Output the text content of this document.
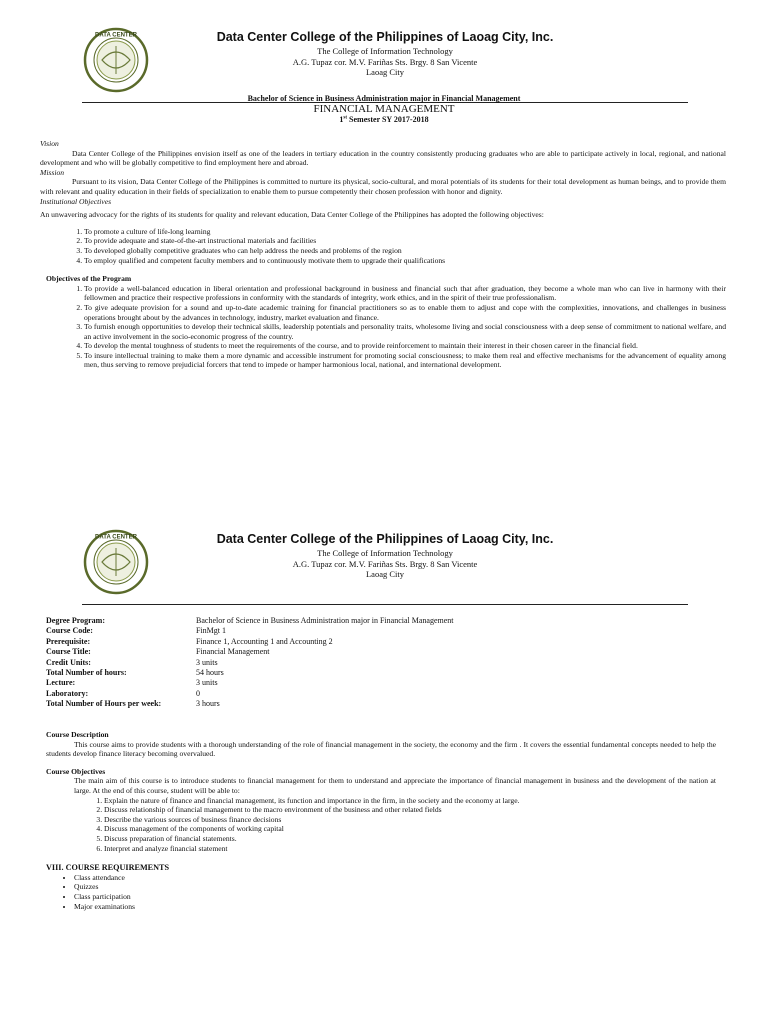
DATA CENTER	Data Center College of the Philippines of Laoag City, Inc.
The College of Information Technology
A.G. Tupaz cor. M.V. Fariñas Sts. Brgy. 8 San Vicente
Laoag City
Bachelor of Science in Business Administration major in Financial Management
FINANCIAL MANAGEMENT
1st Semester SY 2017-2018
Vision
Data Center College of the Philippines envision itself as one of the leaders in tertiary education in the country consistently producing graduates who are able to participate actively in local, regional, and national development and who will be globally competitive to find employment here and abroad.
Mission
Pursuant to its vision, Data Center College of the Philippines is committed to nurture its physical, socio-cultural, and moral potentials of its students for their total development as human beings, and to provide them with relevant and quality education in their fields of specialization to enable them to pursue competently their chosen profession with honor and dignity.
Institutional Objectives
An unwavering advocacy for the rights of its students for quality and relevant education, Data Center College of the Philippines has adopted the following objectives:
1. To promote a culture of life-long learning
2. To provide adequate and state-of-the-art instructional materials and facilities
3. To developed globally competitive graduates who can help address the needs and problems of the region
4. To employ qualified and competent faculty members and to continuously motivate them to upgrade their qualifications
Objectives of the Program
1. To provide a well-balanced education in liberal orientation and professional background in business and financial such that after graduation, they become a whole man who can live in harmony with their fellowmen and practice their respective professions in conformity with the standards of integrity, work ethics, and in the spirit of their true professionalism.
2. To give adequate provision for a sound and up-to-date academic training for financial practitioners so as to enable them to adjust and cope with the complexities, innovations, and challenges in business operations brought about by the advances in technology, industry, market evaluation and finance.
3. To furnish enough opportunities to develop their technical skills, leadership potentials and personality traits, wholesome living and social consciousness with a deep sense of commitment to national welfare, and an active involvement in the socio-economic progress of the country.
4. To develop the mental toughness of students to meet the requirements of the course, and to provide reinforcement to maintain their interest in their chosen career in the financial field.
5. To insure intellectual training to make them a more dynamic and accessible instrument for promoting social consciousness; to make them real and effective mechanisms for the advancement of equality among men, thus serving to remove prejudicial forcers that tend to impede or hamper harmonious local, national, and international development.
DATA CENTER	Data Center College of the Philippines of Laoag City, Inc.
The College of Information Technology
A.G. Tupaz cor. M.V. Fariñas Sts. Brgy. 8 San Vicente
Laoag City
Degree Program:	Bachelor of Science in Business Administration major in Financial Management
Course Code:	FinMgt 1
Prerequisite:	Finance 1, Accounting 1 and Accounting 2
Course Title:	Financial Management
Credit Units:	3 units
Total Number of hours:	54 hours
Lecture:	3 units
Laboratory:	0
Total Number of Hours per week:	3 hours
Course Description
This course aims to provide students with a thorough understanding of the role of financial management in the society, the economy and the firm . It covers the essential fundamental concepts needed to help the students develop finance literacy becoming overvalued.
Course Objectives
The main aim of this course is to introduce students to financial management for them to understand and appreciate the importance of financial management in business and the development of the nation at large. At the end of this course, student will be able to:
1. Explain the nature of finance and financial management, its function and importance in the firm, in the society and the economy at large.
2. Discuss relationship of financial management to the macro environment of the business and other related fields
3. Describe the various sources of business finance decisions
4. Discuss management of the components of working capital
5. Discuss preparation of financial statements.
6. Interpret and analyze financial statement
VIII. COURSE REQUIREMENTS
• Class attendance
• Quizzes
• Class participation
• Major examinations
